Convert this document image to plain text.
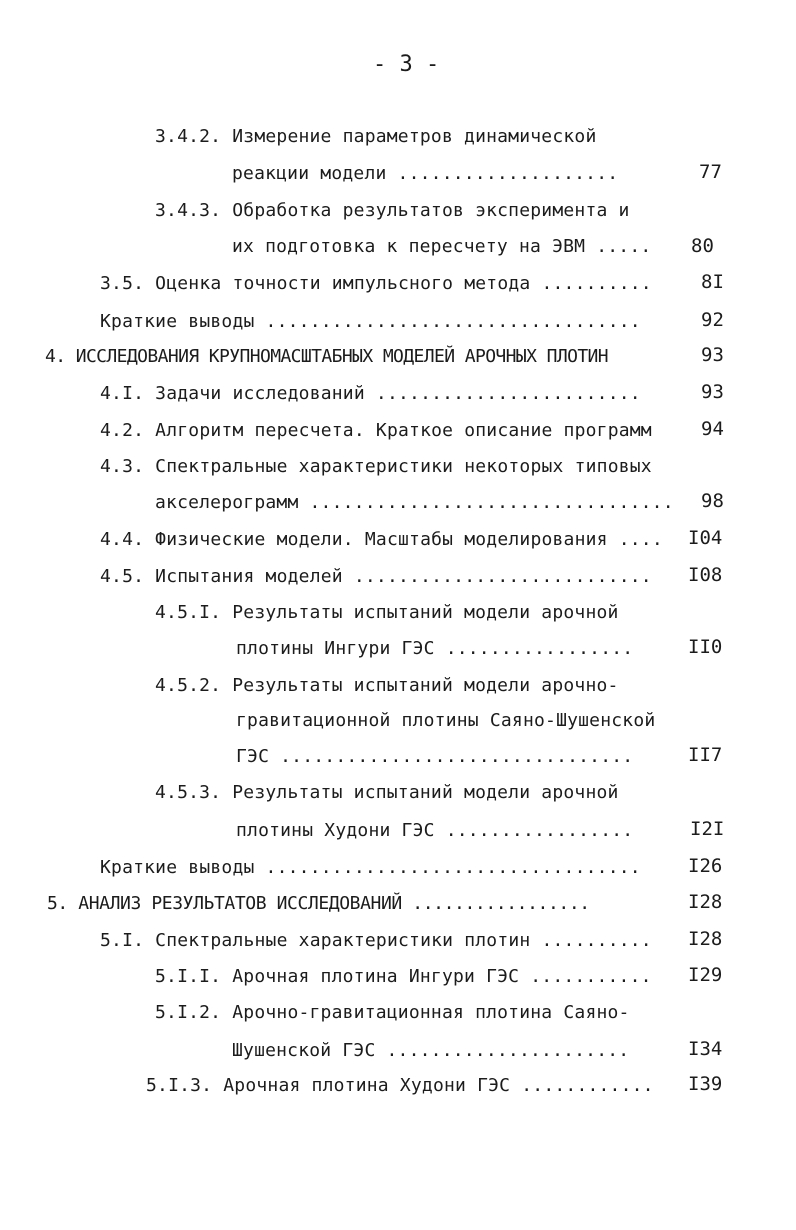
- 3 -
3.4.2. Измерение параметров динамической
реакции модели ....................	77
3.4.3. Обработка результатов эксперимента и
их подготовка к пересчету на ЭВМ ..... 80
3.5. Оценка точности импульсного метода ..........	8I
Краткие выводы ..................................	92
4. ИССЛЕДОВАНИЯ КРУПНОМАСШТАБНЫХ МОДЕЛЕЙ АРОЧНЫХ ПЛОТИН	93
4.I. Задачи исследований ........................	93
4.2. Алгоритм пересчета. Краткое описание программ	94
4.3. Спектральные характеристики некоторых типовых
акселерограмм ................................. 98
4.4. Физические модели. Масштабы моделирования .... I04
4.5. Испытания моделей ........................... I08
4.5.I. Результаты испытаний модели арочной
плотины Ингури ГЭС .................	II0
4.5.2. Результаты испытаний модели арочно-
гравитационной плотины Саяно-Шушенской
ГЭС ................................	II7
4.5.3. Результаты испытаний модели арочной
плотины Худони ГЭС .................	I2I
Краткие выводы .................................. I26
5. АНАЛИЗ РЕЗУЛЬТАТОВ ИССЛЕДОВАНИЙ .................	I28
5.I. Спектральные характеристики плотин .......... I28
5.I.I. Арочная плотина Ингури ГЭС ........... I29
5.I.2. Арочно-гравитационная плотина Саяно-
Шушенской ГЭС ......................	I34
5.I.3. Арочная плотина Худони ГЭС ............ I39
